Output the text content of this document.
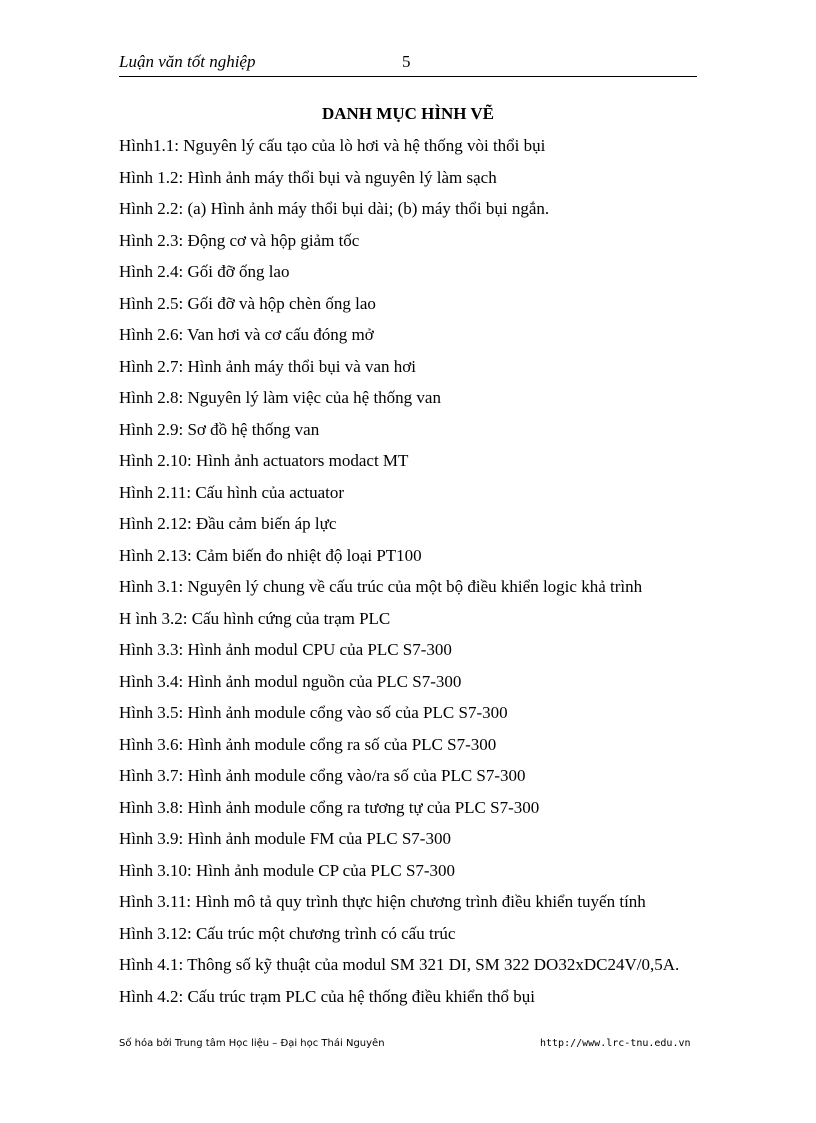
Luận văn tốt nghiệp	5
DANH MỤC HÌNH VẼ
Hình1.1: Nguyên lý cấu tạo của lò hơi và hệ thống vòi thổi bụi
Hình 1.2: Hình ảnh máy thổi bụi và nguyên lý làm sạch
Hình 2.2: (a) Hình ảnh máy thổi bụi dài; (b) máy thổi bụi ngắn.
Hình 2.3: Động cơ và hộp giảm tốc
Hình 2.4: Gối đỡ ống lao
Hình 2.5: Gối đỡ và hộp chèn ống lao
Hình 2.6: Van hơi và cơ cấu đóng mở
Hình 2.7: Hình ảnh máy thổi bụi và van hơi
Hình 2.8: Nguyên lý làm việc của hệ thống van
Hình 2.9: Sơ đồ hệ thống van
Hình 2.10: Hình ảnh actuators modact MT
Hình 2.11: Cấu hình của actuator
Hình 2.12: Đầu cảm biến áp lực
Hình 2.13: Cảm biến đo nhiệt độ loại PT100
Hình 3.1: Nguyên lý chung về cấu trúc của một bộ điều khiển logic khả trình
H ình 3.2: Cấu hình cứng của trạm PLC
Hình 3.3: Hình ảnh modul CPU của PLC S7-300
Hình 3.4: Hình ảnh modul nguồn của PLC S7-300
Hình 3.5: Hình ảnh module cổng vào số của PLC S7-300
Hình 3.6: Hình ảnh module cổng ra số của PLC S7-300
Hình 3.7: Hình ảnh module cổng vào/ra số của PLC S7-300
Hình 3.8: Hình ảnh module cổng ra tương tự của PLC S7-300
Hình 3.9: Hình ảnh module FM của PLC S7-300
Hình 3.10: Hình ảnh module CP của PLC S7-300
Hình 3.11: Hình mô tả quy trình thực hiện chương trình điều khiển tuyến tính
Hình 3.12: Cấu trúc một chương trình có cấu trúc
Hình 4.1: Thông số kỹ thuật của modul SM 321 DI, SM 322 DO32xDC24V/0,5A.
Hình 4.2: Cấu trúc trạm PLC của hệ thống điều khiển thổ bụi
Số hóa bởi Trung tâm Học liệu – Đại học Thái Nguyên	http://www.lrc-tnu.edu.vn
